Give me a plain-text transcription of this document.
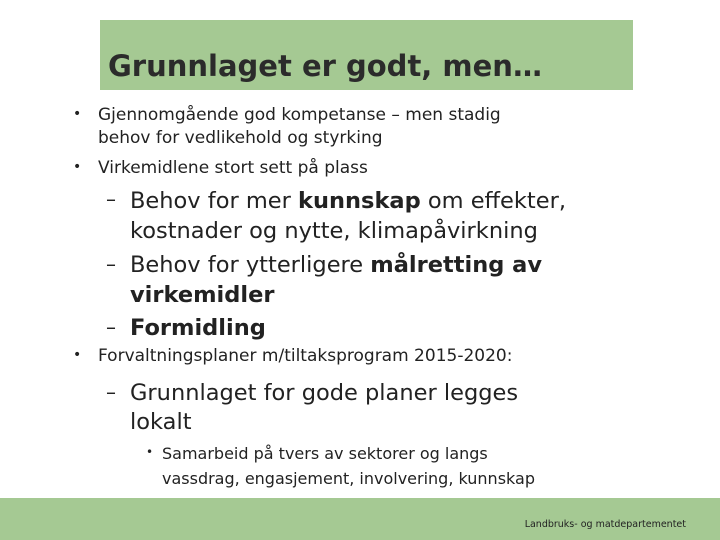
Grunnlaget er godt, men…
• Gjennomgående god kompetanse – men stadig
behov for vedlikehold og styrking
• Virkemidlene stort sett på plass
– Behov for mer kunnskap om effekter,
kostnader og nytte, klimapåvirkning
– Behov for ytterligere målretting av
virkemidler
– Formidling
• Forvaltningsplaner m/tiltaksprogram 2015-2020:
– Grunnlaget for gode planer legges
lokalt
• Samarbeid på tvers av sektorer og langs
vassdrag, engasjement, involvering, kunnskap
Landbruks- og matdepartementet
